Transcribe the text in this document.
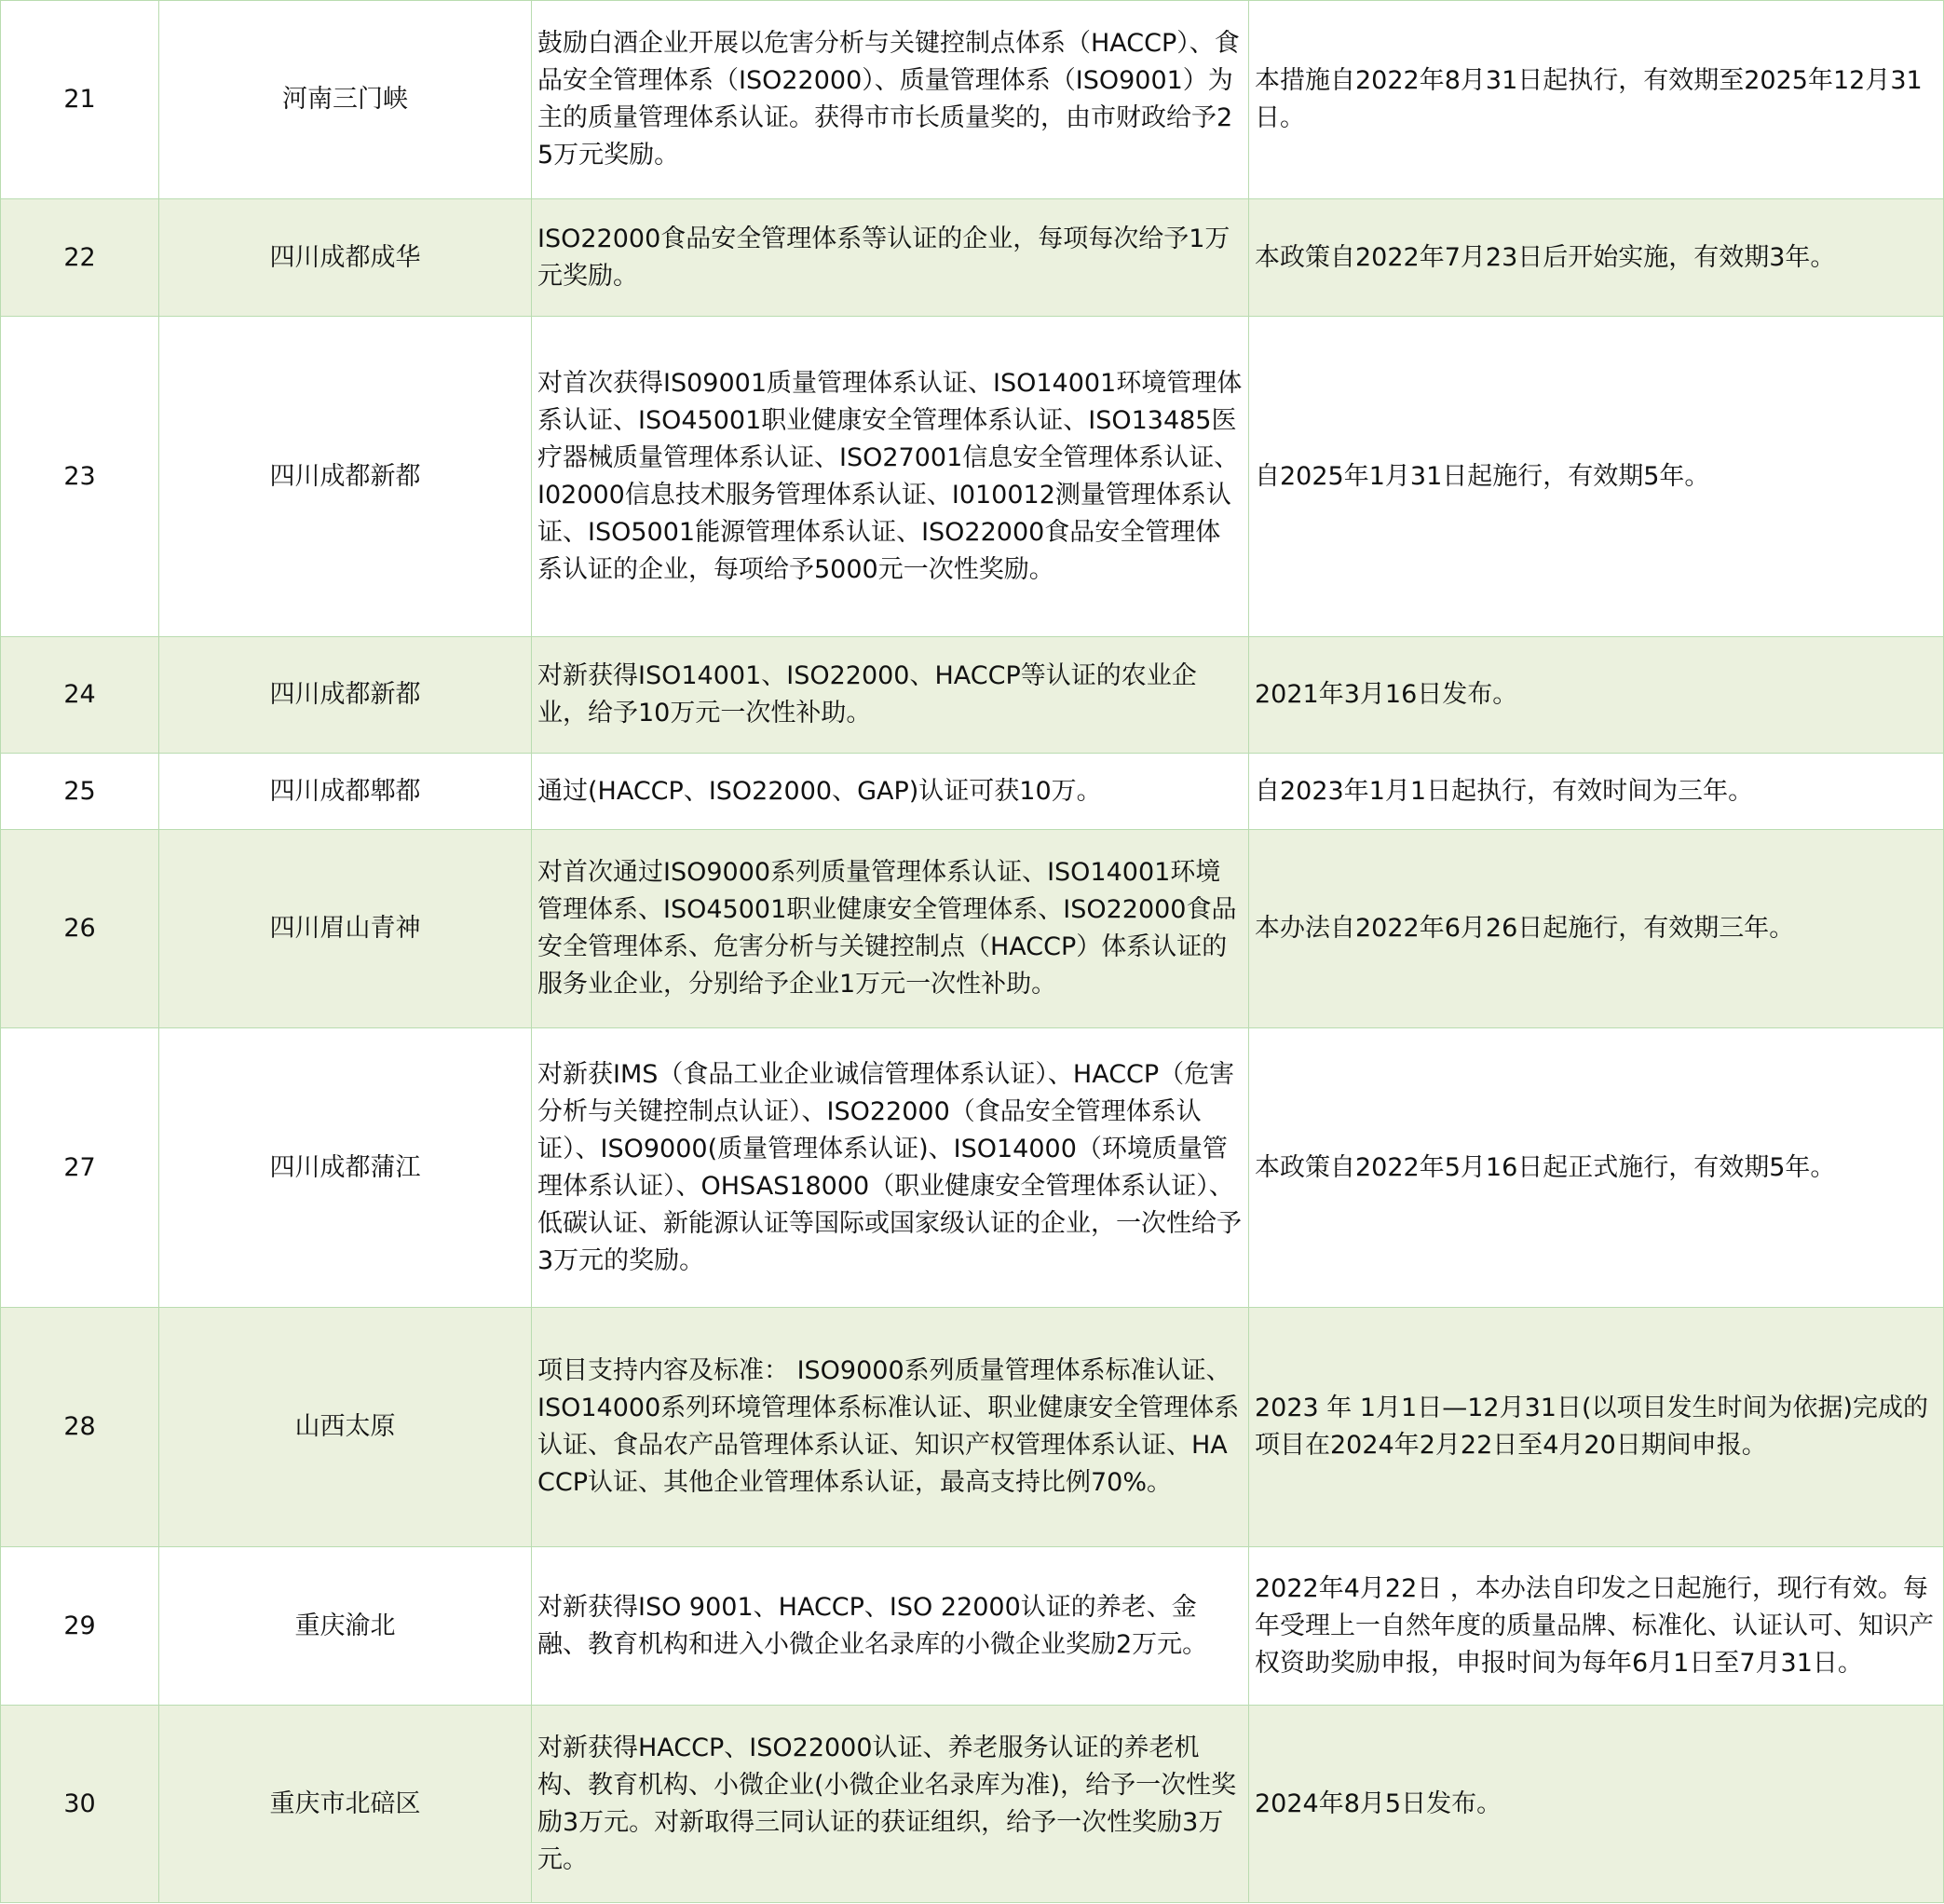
21	河南三门峡	鼓励白酒企业开展以危害分析与关键控制点体系（HACCP）、食品安全管理体系（ISO22000）、质量管理体系（ISO9001）为主的质量管理体系认证。获得市市长质量奖的，由市财政给予25万元奖励。	本措施自2022年8月31日起执行，有效期至2025年12月31日。

22	四川成都成华	ISO22000食品安全管理体系等认证的企业，每项每次给予1万元奖励。	本政策自2022年7月23日后开始实施，有效期3年。

23	四川成都新都	对首次获得IS09001质量管理体系认证、ISO14001环境管理体系认证、ISO45001职业健康安全管理体系认证、ISO13485医疗器械质量管理体系认证、ISO27001信息安全管理体系认证、I02000信息技术服务管理体系认证、I010012测量管理体系认证、ISO5001能源管理体系认证、ISO22000食品安全管理体系认证的企业，每项给予5000元一次性奖励。	自2025年1月31日起施行，有效期5年。

24	四川成都新都	对新获得ISO14001、ISO22000、HACCP等认证的农业企业，给予10万元一次性补助。	2021年3月16日发布。

25	四川成都郫都	通过(HACCP、ISO22000、GAP)认证可获10万。	自2023年1月1日起执行，有效时间为三年。

26	四川眉山青神	对首次通过ISO9000系列质量管理体系认证、ISO14001环境管理体系、ISO45001职业健康安全管理体系、ISO22000食品安全管理体系、危害分析与关键控制点（HACCP）体系认证的服务业企业，分别给予企业1万元一次性补助。	本办法自2022年6月26日起施行，有效期三年。

27	四川成都蒲江	对新获IMS（食品工业企业诚信管理体系认证）、HACCP（危害分析与关键控制点认证）、ISO22000（食品安全管理体系认证）、ISO9000(质量管理体系认证)、ISO14000（环境质量管理体系认证）、OHSAS18000（职业健康安全管理体系认证）、低碳认证、新能源认证等国际或国家级认证的企业，一次性给予3万元的奖励。	本政策自2022年5月16日起正式施行，有效期5年。

28	山西太原	项目支持内容及标准： ISO9000系列质量管理体系标准认证、 ISO14000系列环境管理体系标准认证、职业健康安全管理体系认证、食品农产品管理体系认证、知识产权管理体系认证、HACCP认证、其他企业管理体系认证，最高支持比例70%。	2023 年 1月1日—12月31日(以项目发生时间为依据)完成的项目在2024年2月22日至4月20日期间申报。

29	重庆渝北	对新获得ISO 9001、HACCP、ISO 22000认证的养老、金融、教育机构和进入小微企业名录库的小微企业奖励2万元。	2022年4月22日 ，本办法自印发之日起施行，现行有效。每年受理上一自然年度的质量品牌、标准化、认证认可、知识产权资助奖励申报，申报时间为每年6月1日至7月31日。

30	重庆市北碚区	对新获得HACCP、ISO22000认证、养老服务认证的养老机构、教育机构、小微企业(小微企业名录库为准)，给予一次性奖励3万元。对新取得三同认证的获证组织，给予一次性奖励3万元。	2024年8月5日发布。
